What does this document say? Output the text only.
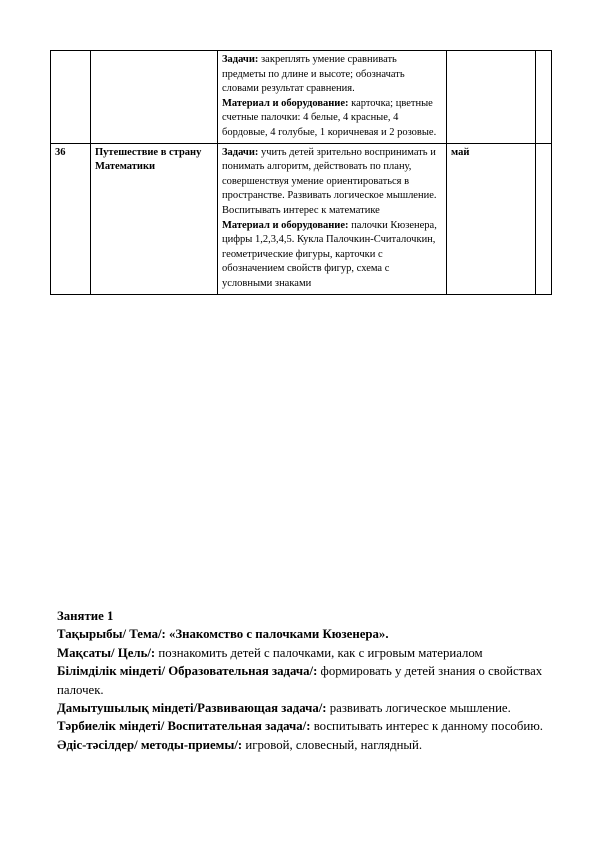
		Задачи: закреплять умение сравнивать предметы по длине и высоте; обозначать словами результат сравнения.

Материал и оборудование: карточка; цветные счетные палочки: 4 белые, 4 красные, 4 бордовые, 4 голубые, 1 коричневая и 2 розовые.		

36	Путешествие в страну Математики	Задачи: учить детей зрительно воспринимать и понимать алгоритм, действовать по плану, совершенствуя умение ориентироваться в пространстве. Развивать логическое мышление. Воспитывать интерес к математике

Материал и оборудование: палочки Кюзенера, цифры 1,2,3,4,5. Кукла Палочкин-Считалочкин, геометрические фигуры, карточки с обозначением свойств фигур, схема с условными знаками	май	

Занятие 1

Тақырыбы/ Тема/: «Знакомство с палочками Кюзенера».

Мақсаты/ Цель/: познакомить детей с палочками, как с игровым материалом

Білімділік міндеті/ Образовательная задача/: формировать у детей знания о свойствах палочек.

Дамытушылық міндеті/Развивающая задача/: развивать логическое мышление.

Тәрбиелік міндеті/ Воспитательная задача/: воспитывать интерес к данному пособию.

Әдіс-тәсілдер/ методы-приемы/: игровой, словесный, наглядный.
